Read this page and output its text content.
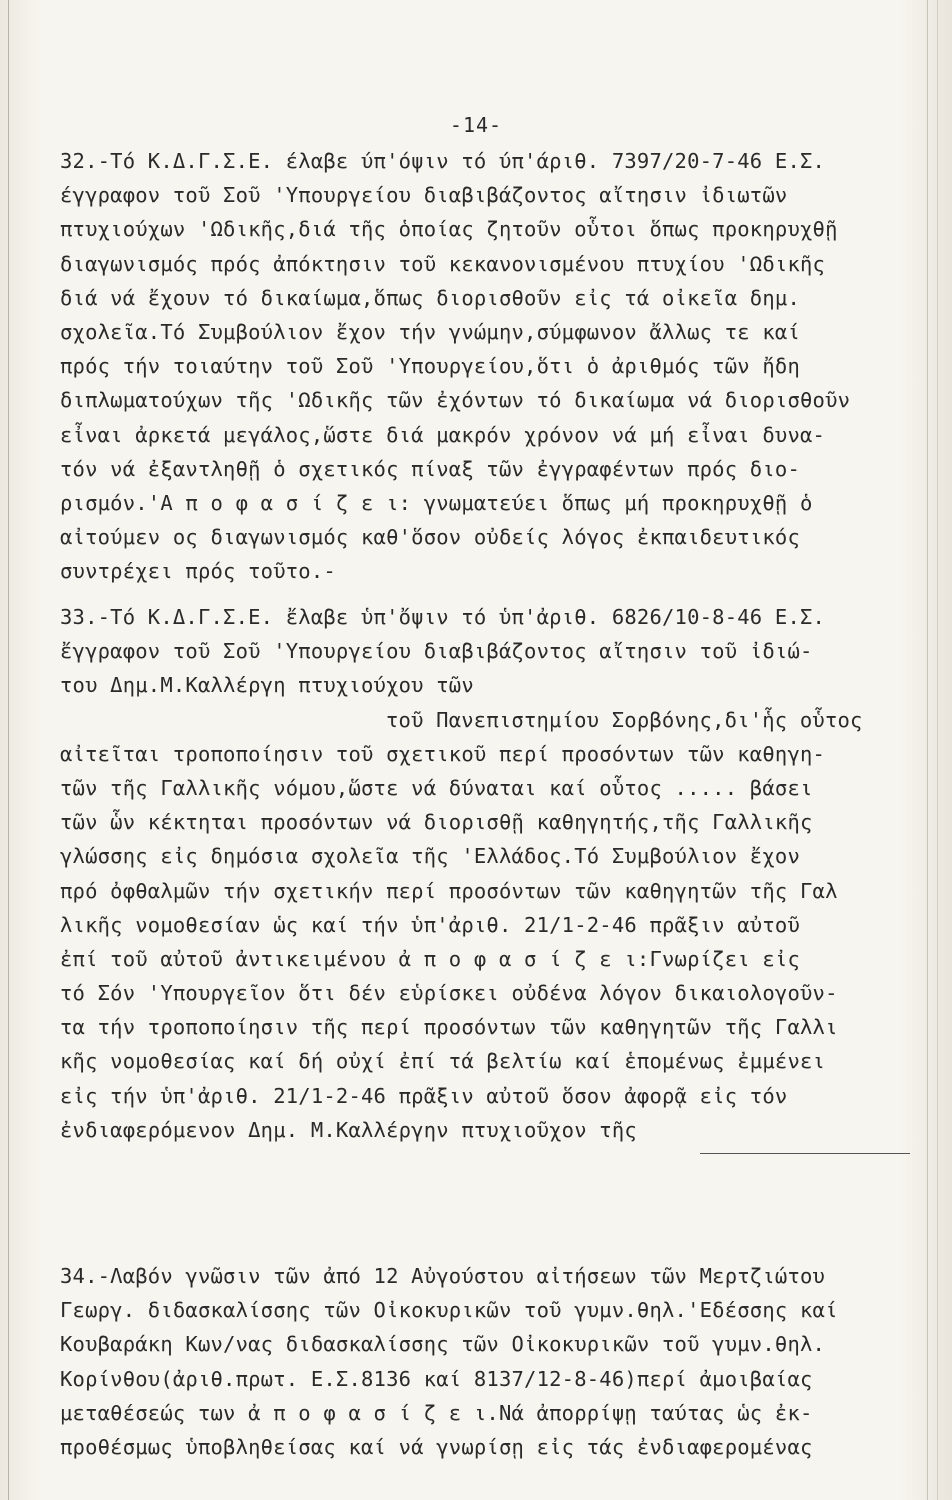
-14-
32.-Τό Κ.Δ.Γ.Σ.Ε. έλαβε ύπ'όψιν τό ύπ'άριθ. 7397/20-7-46 Ε.Σ.
έγγραφον τοῦ Σοῦ 'Υπουργείου διαβιβάζοντος αἴτησιν ἰδιωτῶν
πτυχιούχων 'Ωδικῆς,διά τῆς ὁποίας ζητοῦν οὗτοι ὅπως προκηρυχθῇ
διαγωνισμός πρός ἀπόκτησιν τοῦ κεκανονισμένου πτυχίου 'Ωδικῆς
διά νά ἔχουν τό δικαίωμα,ὅπως διορισθοῦν εἰς τά οἰκεῖα δημ.
σχολεῖα.Τό Συμβούλιον ἔχον τήν γνώμην,σύμφωνον ἄλλως τε καί
πρός τήν τοιαύτην τοῦ Σοῦ 'Υπουργείου,ὅτι ὁ ἀριθμός τῶν ἤδη
διπλωματούχων τῆς 'Ωδικῆς τῶν ἐχόντων τό δικαίωμα νά διορισθοῦν
εἶναι ἀρκετά μεγάλος,ὥστε διά μακρόν χρόνον νά μή εἶναι δυνα-
τόν νά ἐξαντληθῇ ὁ σχετικός πίναξ τῶν ἐγγραφέντων πρός διο-
ρισμόν.'Α π ο φ α σ ί ζ ε ι: γνωματεύει ὅπως μή προκηρυχθῇ ὁ
αἰτούμεν ος διαγωνισμός καθ'ὅσον οὐδείς λόγος ἐκπαιδευτικός
συντρέχει πρός τοῦτο.-
33.-Τό Κ.Δ.Γ.Σ.Ε. ἔλαβε ὑπ'ὄψιν τό ὑπ'ἀριθ. 6826/10-8-46 Ε.Σ.
ἔγγραφον τοῦ Σοῦ 'Υπουργείου διαβιβάζοντος αἴτησιν τοῦ ἰδιώ-
του Δημ.Μ.Καλλέργη πτυχιούχου τῶν
τοῦ Πανεπιστημίου Σορβόνης,δι'ἧς οὗτος
αἰτεῖται τροποποίησιν τοῦ σχετικοῦ περί προσόντων τῶν καθηγη-
τῶν τῆς Γαλλικῆς νόμου,ὥστε νά δύναται καί οὗτος ..... βάσει
τῶν ὧν κέκτηται προσόντων νά διορισθῇ καθηγητής,τῆς Γαλλικῆς
γλώσσης εἰς δημόσια σχολεῖα τῆς 'Ελλάδος.Τό Συμβούλιον ἔχον
πρό ὀφθαλμῶν τήν σχετικήν περί προσόντων τῶν καθηγητῶν τῆς Γαλ
λικῆς νομοθεσίαν ὡς καί τήν ὑπ'ἀριθ. 21/1-2-46 πρᾶξιν αὐτοῦ
ἐπί τοῦ αὐτοῦ ἀντικειμένου ἀ π ο φ α σ ί ζ ε ι:Γνωρίζει εἰς
τό Σόν 'Υπουργεῖον ὅτι δέν εὑρίσκει οὐδένα λόγον δικαιολογοῦν-
τα τήν τροποποίησιν τῆς περί προσόντων τῶν καθηγητῶν τῆς Γαλλι
κῆς νομοθεσίας καί δή οὐχί ἐπί τά βελτίω καί ἑπομένως ἐμμένει
εἰς τήν ὑπ'ἀριθ. 21/1-2-46 πρᾶξιν αὐτοῦ ὅσον ἀφορᾷ εἰς τόν
ἐνδιαφερόμενον Δημ. Μ.Καλλέργην πτυχιοῦχον τῆς
34.-Λαβόν γνῶσιν τῶν ἀπό 12 Αὐγούστου αἰτήσεων τῶν Μερτζιώτου
Γεωργ. διδασκαλίσσης τῶν Οἰκοκυρικῶν τοῦ γυμν.θηλ.'Εδέσσης καί
Κουβαράκη Κων/νας διδασκαλίσσης τῶν Οἰκοκυρικῶν τοῦ γυμν.θηλ.
Κορίνθου(ἀριθ.πρωτ. Ε.Σ.8136 καί 8137/12-8-46)περί ἀμοιβαίας
μεταθέσεώς των ἀ π ο φ α σ ί ζ ε ι.Νά ἀπορρίψῃ ταύτας ὡς ἐκ-
προθέσμως ὑποβληθείσας καί νά γνωρίσῃ εἰς τάς ἐνδιαφερομένας
